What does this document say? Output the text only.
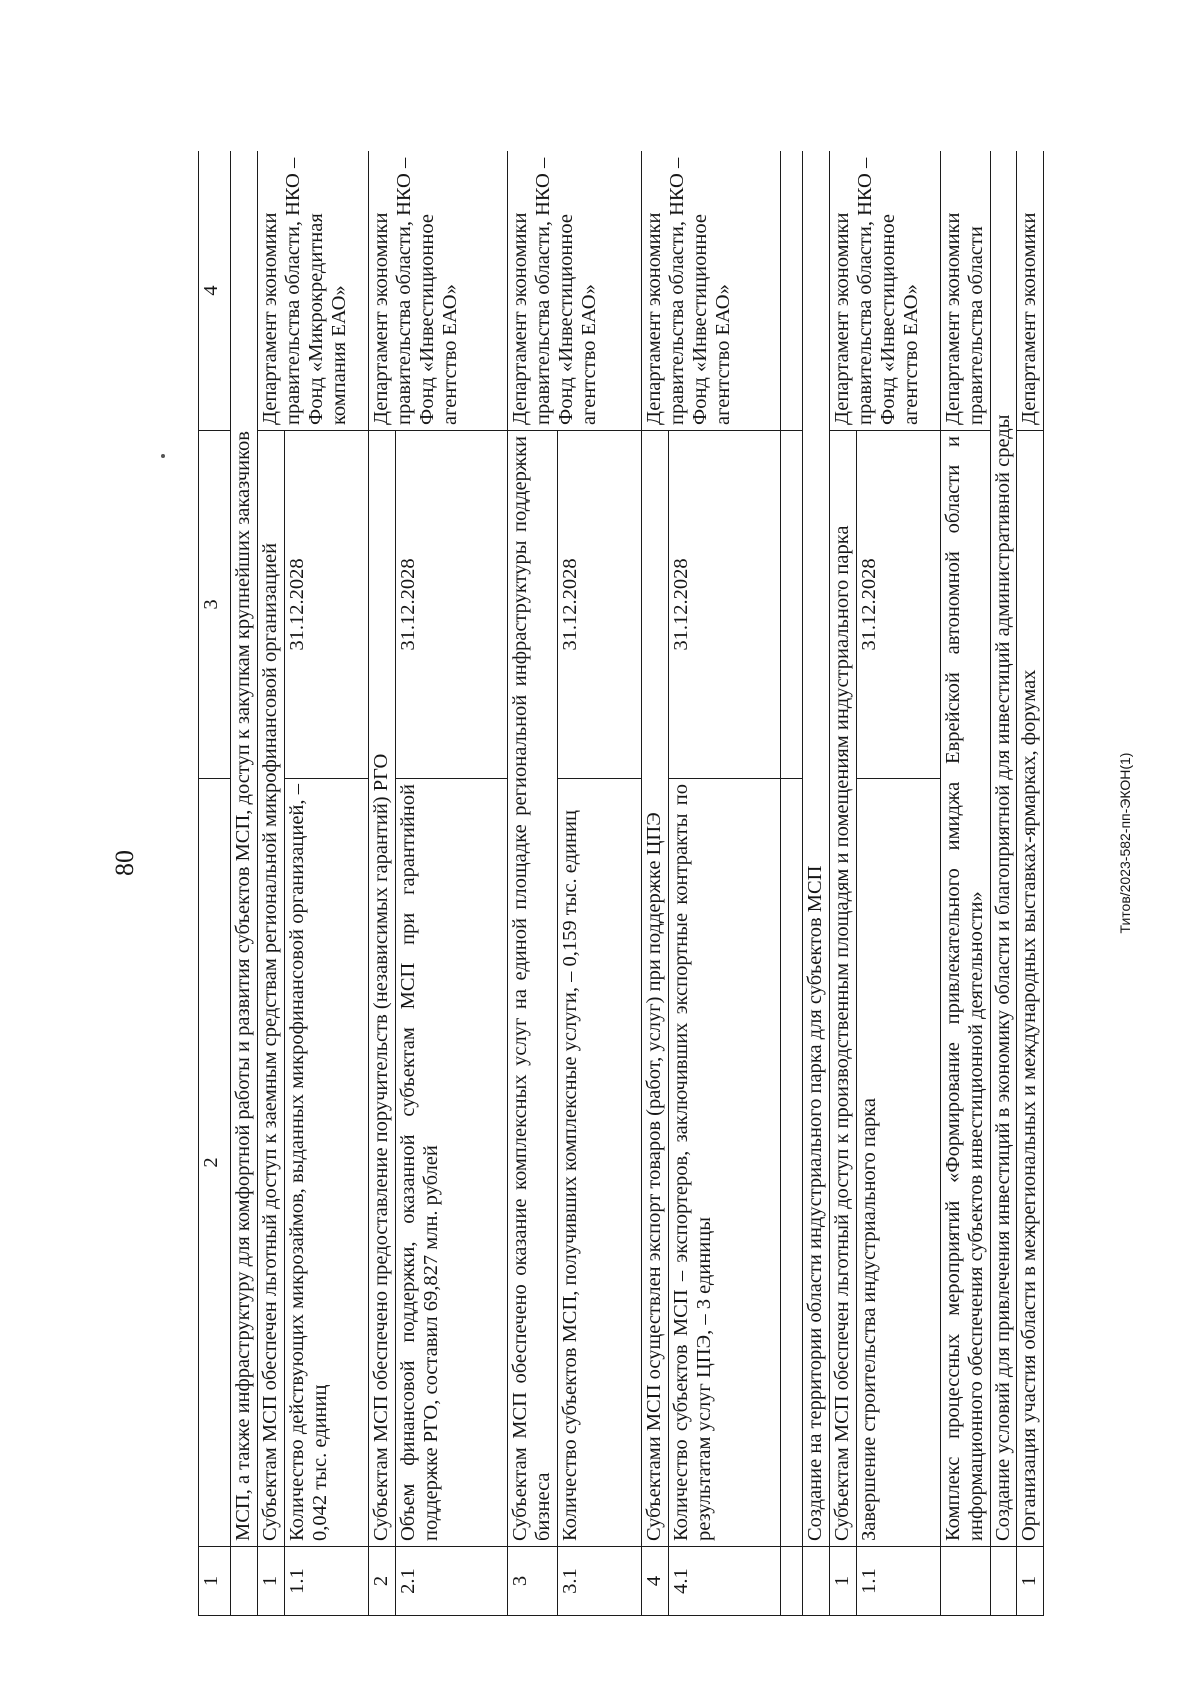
80	Титов/2023-582-пп-ЭКОН(1)
1	2	3	4
	МСП, а также инфраструктуру для комфортной работы и развития субъектов МСП, доступ к закупкам крупнейших заказчиков		
1	Субъектам МСП обеспечен льготный доступ к заемным средствам региональной микрофинансовой организацией		Департамент экономики правительства области, НКО – Фонд «Микрокредитная компания ЕАО»
1.1	Количество действующих микрозаймов, выданных микрофинансовой организацией, – 0,042 тыс. единиц	31.12.2028	
2	Субъектам МСП обеспечено предоставление поручительств (независимых гарантий) РГО		Департамент экономики правительства области, НКО – Фонд «Инвестиционное агентство ЕАО»
2.1	Объем финансовой поддержки, оказанной субъектам МСП при гарантийной поддержке РГО, составил 69,827 млн. рублей	31.12.2028	
3	Субъектам МСП обеспечено оказание комплексных услуг на единой площадке региональной инфраструктуры поддержки бизнеса		Департамент экономики правительства области, НКО – Фонд «Инвестиционное агентство ЕАО»
3.1	Количество субъектов МСП, получивших комплексные услуги, – 0,159 тыс. единиц	31.12.2028	
4	Субъектами МСП осуществлен экспорт товаров (работ, услуг) при поддержке ЦПЭ		Департамент экономики правительства области, НКО – Фонд «Инвестиционное агентство ЕАО»
4.1	Количество субъектов МСП – экспортеров, заключивших экспортные контракты по результатам услуг ЦПЭ, – 3 единицы	31.12.2028	

	Создание на территории области индустриального парка для субъектов МСП		
1	Субъектам МСП обеспечен льготный доступ к производственным площадям и помещениям индустриального парка		Департамент экономики правительства области, НКО – Фонд «Инвестиционное агентство ЕАО»
1.1	Завершение строительства индустриального парка	31.12.2028	
	Комплекс процессных мероприятий «Формирование привлекательного имиджа Еврейской автономной области и информационного обеспечения субъектов инвестиционной деятельности»		Департамент экономики правительства области
	Создание условий для привлечения инвестиций в экономику области и благоприятной для инвестиций административной среды		
1	Организация участия области в межрегиональных и международных выставках-ярмарках, форумах		Департамент экономики
